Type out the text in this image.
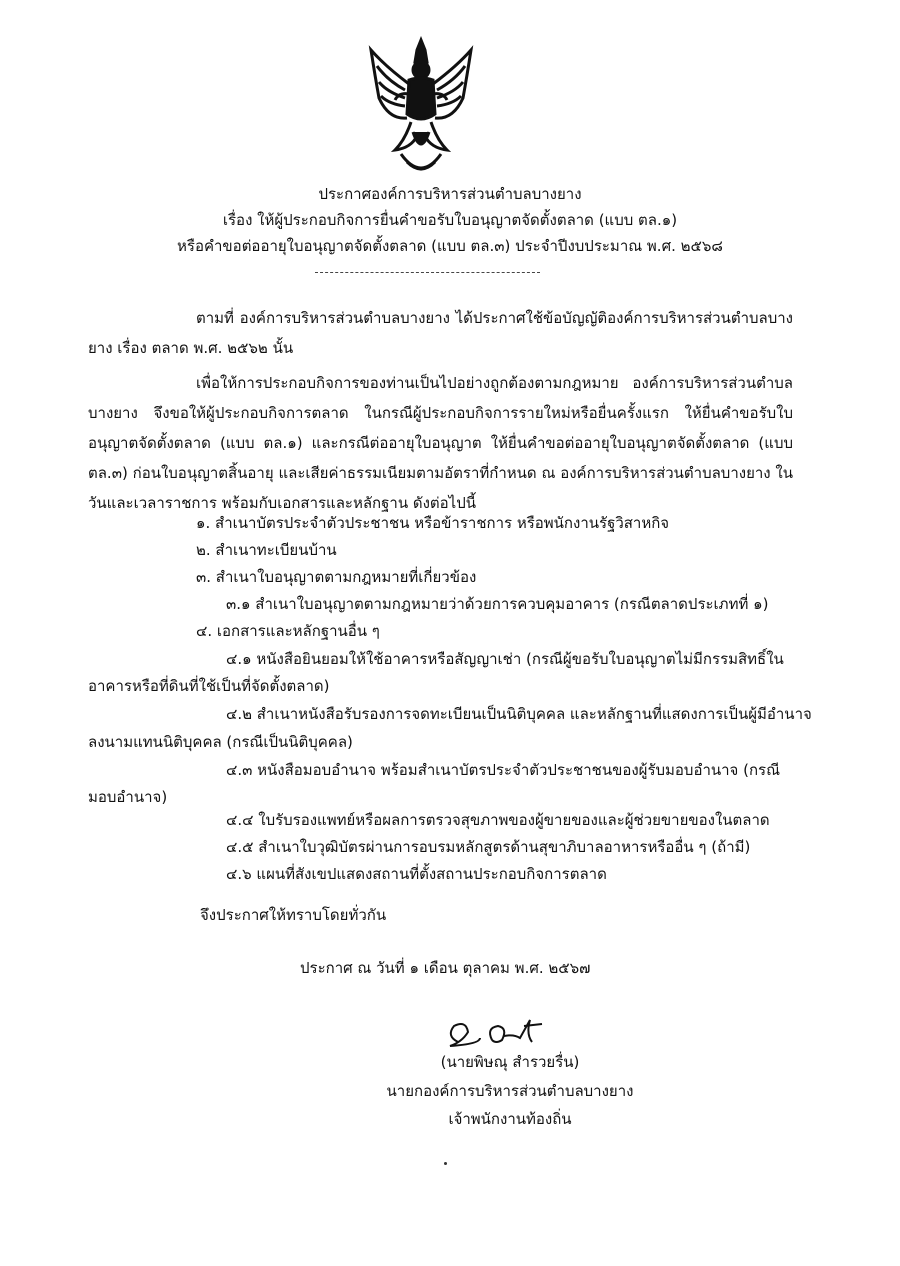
ประกาศองค์การบริหารส่วนตำบลบางยาง
เรื่อง ให้ผู้ประกอบกิจการยื่นคำขอรับใบอนุญาตจัดตั้งตลาด (แบบ ตล.๑)
หรือคำขอต่ออายุใบอนุญาตจัดตั้งตลาด (แบบ ตล.๓) ประจำปีงบประมาณ พ.ศ. ๒๕๖๘
ตามที่ องค์การบริหารส่วนตำบลบางยาง ได้ประกาศใช้ข้อบัญญัติองค์การบริหารส่วนตำบลบางยาง เรื่อง ตลาด พ.ศ. ๒๕๖๒ นั้น
เพื่อให้การประกอบกิจการของท่านเป็นไปอย่างถูกต้องตามกฎหมาย องค์การบริหารส่วนตำบลบางยาง จึงขอให้ผู้ประกอบกิจการตลาด ในกรณีผู้ประกอบกิจการรายใหม่หรือยื่นครั้งแรก ให้ยื่นคำขอรับใบอนุญาตจัดตั้งตลาด (แบบ ตล.๑) และกรณีต่ออายุใบอนุญาต ให้ยื่นคำขอต่ออายุใบอนุญาตจัดตั้งตลาด (แบบ ตล.๓) ก่อนใบอนุญาตสิ้นอายุ และเสียค่าธรรมเนียมตามอัตราที่กำหนด ณ องค์การบริหารส่วนตำบลบางยาง ในวันและเวลาราชการ พร้อมกับเอกสารและหลักฐาน ดังต่อไปนี้
๑. สำเนาบัตรประจำตัวประชาชน หรือข้าราชการ หรือพนักงานรัฐวิสาหกิจ
๒. สำเนาทะเบียนบ้าน
๓. สำเนาใบอนุญาตตามกฎหมายที่เกี่ยวข้อง
๓.๑ สำเนาใบอนุญาตตามกฎหมายว่าด้วยการควบคุมอาคาร (กรณีตลาดประเภทที่ ๑)
๔. เอกสารและหลักฐานอื่น ๆ
๔.๑ หนังสือยินยอมให้ใช้อาคารหรือสัญญาเช่า (กรณีผู้ขอรับใบอนุญาตไม่มีกรรมสิทธิ์ใน
อาคารหรือที่ดินที่ใช้เป็นที่จัดตั้งตลาด)
๔.๒ สำเนาหนังสือรับรองการจดทะเบียนเป็นนิติบุคคล และหลักฐานที่แสดงการเป็นผู้มีอำนาจ
ลงนามแทนนิติบุคคล (กรณีเป็นนิติบุคคล)
๔.๓ หนังสือมอบอำนาจ พร้อมสำเนาบัตรประจำตัวประชาชนของผู้รับมอบอำนาจ (กรณี
มอบอำนาจ)
๔.๔ ใบรับรองแพทย์หรือผลการตรวจสุขภาพของผู้ขายของและผู้ช่วยขายของในตลาด
๔.๕ สำเนาใบวุฒิบัตรผ่านการอบรมหลักสูตรด้านสุขาภิบาลอาหารหรืออื่น ๆ (ถ้ามี)
๔.๖ แผนที่สังเขปแสดงสถานที่ตั้งสถานประกอบกิจการตลาด
จึงประกาศให้ทราบโดยทั่วกัน
ประกาศ ณ วันที่ ๑ เดือน ตุลาคม พ.ศ. ๒๕๖๗
(นายพิษณุ สำรวยรื่น)
นายกองค์การบริหารส่วนตำบลบางยาง
เจ้าพนักงานท้องถิ่น
